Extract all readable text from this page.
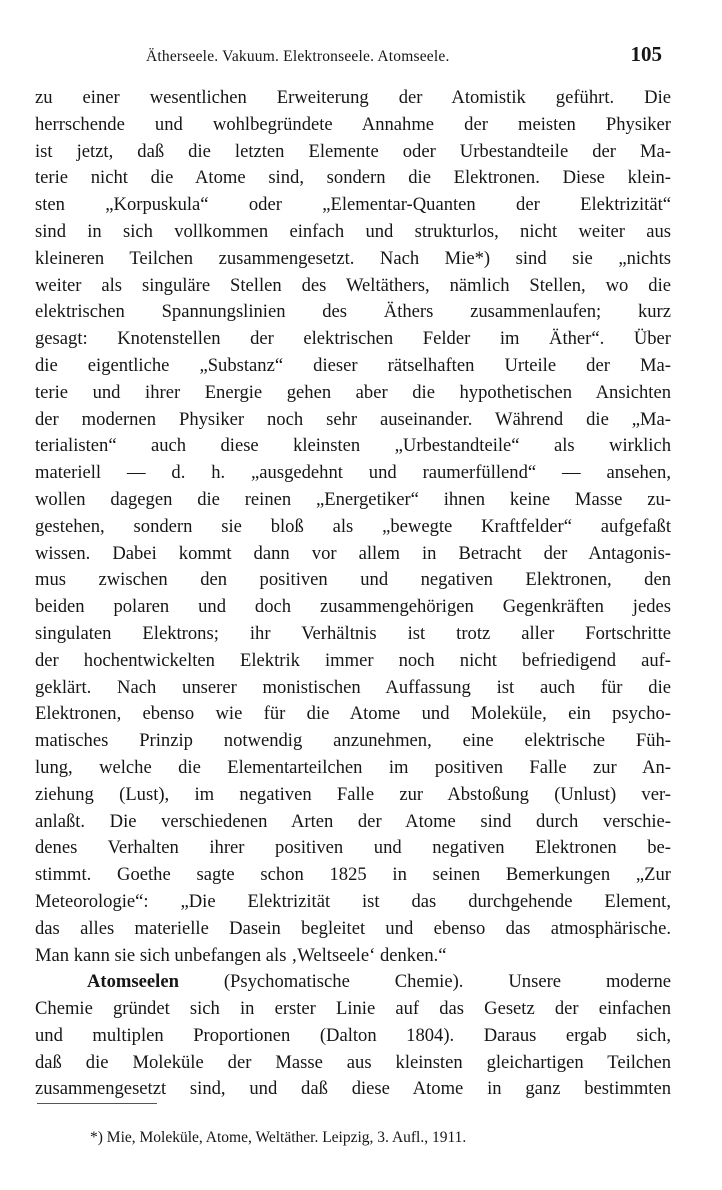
Ätherseele. Vakuum. Elektronseele. Atomseele.	105
zu einer wesentlichen Erweiterung der Atomistik geführt. Die
herrschende und wohlbegründete Annahme der meisten Physiker
ist jetzt, daß die letzten Elemente oder Urbestandteile der Ma-
terie nicht die Atome sind, sondern die Elektronen. Diese klein-
sten „Korpuskula“ oder „Elementar-Quanten der Elektrizität“
sind in sich vollkommen einfach und strukturlos, nicht weiter aus
kleineren Teilchen zusammengesetzt. Nach Mie*) sind sie „nichts
weiter als singuläre Stellen des Weltäthers, nämlich Stellen, wo die
elektrischen Spannungslinien des Äthers zusammenlaufen; kurz
gesagt: Knotenstellen der elektrischen Felder im Äther“. Über
die eigentliche „Substanz“ dieser rätselhaften Urteile der Ma-
terie und ihrer Energie gehen aber die hypothetischen Ansichten
der modernen Physiker noch sehr auseinander. Während die „Ma-
terialisten“ auch diese kleinsten „Urbestandteile“ als wirklich
materiell — d. h. „ausgedehnt und raumerfüllend“ — ansehen,
wollen dagegen die reinen „Energetiker“ ihnen keine Masse zu-
gestehen, sondern sie bloß als „bewegte Kraftfelder“ aufgefaßt
wissen. Dabei kommt dann vor allem in Betracht der Antagonis-
mus zwischen den positiven und negativen Elektronen, den
beiden polaren und doch zusammengehörigen Gegenkräften jedes
singulaten Elektrons; ihr Verhältnis ist trotz aller Fortschritte
der hochentwickelten Elektrik immer noch nicht befriedigend auf-
geklärt. Nach unserer monistischen Auffassung ist auch für die
Elektronen, ebenso wie für die Atome und Moleküle, ein psycho-
matisches Prinzip notwendig anzunehmen, eine elektrische Füh-
lung, welche die Elementarteilchen im positiven Falle zur An-
ziehung (Lust), im negativen Falle zur Abstoßung (Unlust) ver-
anlaßt. Die verschiedenen Arten der Atome sind durch verschie-
denes Verhalten ihrer positiven und negativen Elektronen be-
stimmt. Goethe sagte schon 1825 in seinen Bemerkungen „Zur
Meteorologie“: „Die Elektrizität ist das durchgehende Element,
das alles materielle Dasein begleitet und ebenso das atmosphärische.
Man kann sie sich unbefangen als ‚Weltseele‘ denken.“
Atomseelen (Psychomatische Chemie). Unsere moderne
Chemie gründet sich in erster Linie auf das Gesetz der einfachen
und multiplen Proportionen (Dalton 1804). Daraus ergab sich,
daß die Moleküle der Masse aus kleinsten gleichartigen Teilchen
zusammengesetzt sind, und daß diese Atome in ganz bestimmten
*) Mie, Moleküle, Atome, Weltäther. Leipzig, 3. Aufl., 1911.
